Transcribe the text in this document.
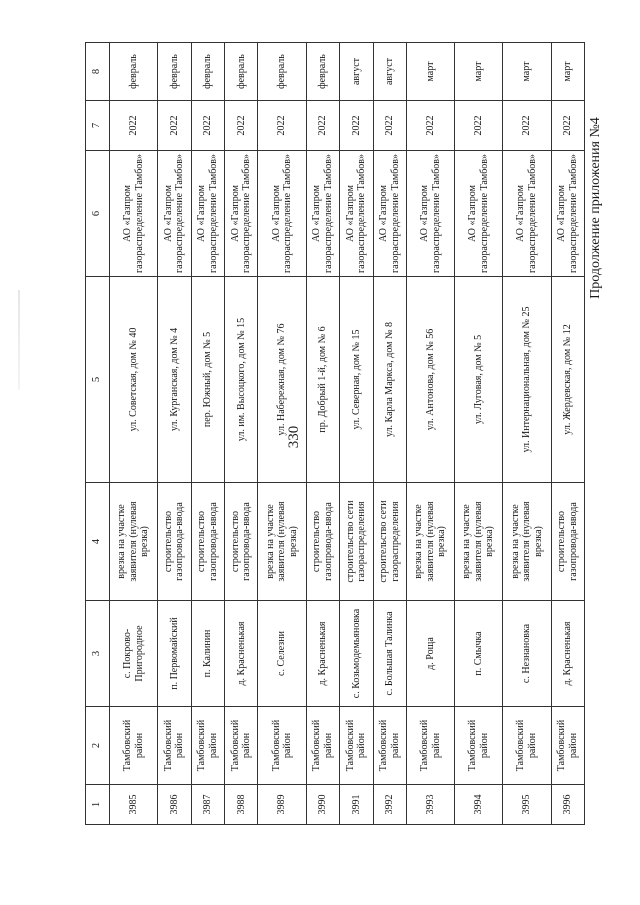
330
Продолжение приложения №4
1	2	3	4	5	6	7	8
3985	Тамбовский район	с. Покрово-Пригородное	врезка на участке заявителя (нулевая врезка)	ул. Советская, дом № 40	АО «Газпром газораспределение Тамбов»	2022	февраль
3986	Тамбовский район	п. Первомайский	строительство газопровода-ввода	ул. Курганская, дом № 4	АО «Газпром газораспределение Тамбов»	2022	февраль
3987	Тамбовский район	п. Калинин	строительство газопровода-ввода	пер. Южный, дом № 5	АО «Газпром газораспределение Тамбов»	2022	февраль
3988	Тамбовский район	д. Красненькая	строительство газопровода-ввода	ул. им. Высоцкого, дом № 15	АО «Газпром газораспределение Тамбов»	2022	февраль
3989	Тамбовский район	с. Селезни	врезка на участке заявителя (нулевая врезка)	ул. Набережная, дом № 76	АО «Газпром газораспределение Тамбов»	2022	февраль
3990	Тамбовский район	д. Красненькая	строительство газопровода-ввода	пр. Добрый 1-й, дом № 6	АО «Газпром газораспределение Тамбов»	2022	февраль
3991	Тамбовский район	с. Козьмодемьяновка	строительство сети газораспределения	ул. Северная, дом № 15	АО «Газпром газораспределение Тамбов»	2022	август
3992	Тамбовский район	с. Большая Талинка	строительство сети газораспределения	ул. Карла Маркса, дом № 8	АО «Газпром газораспределение Тамбов»	2022	август
3993	Тамбовский район	д. Роща	врезка на участке заявителя (нулевая врезка)	ул. Антонова, дом № 56	АО «Газпром газораспределение Тамбов»	2022	март
3994	Тамбовский район	п. Смычка	врезка на участке заявителя (нулевая врезка)	ул. Луговая, дом № 5	АО «Газпром газораспределение Тамбов»	2022	март
3995	Тамбовский район	с. Незнановка	врезка на участке заявителя (нулевая врезка)	ул. Интернациональная, дом № 25	АО «Газпром газораспределение Тамбов»	2022	март
3996	Тамбовский район	д. Красненькая	строительство газопровода-ввода	ул. Жердевская, дом № 12	АО «Газпром газораспределение Тамбов»	2022	март
